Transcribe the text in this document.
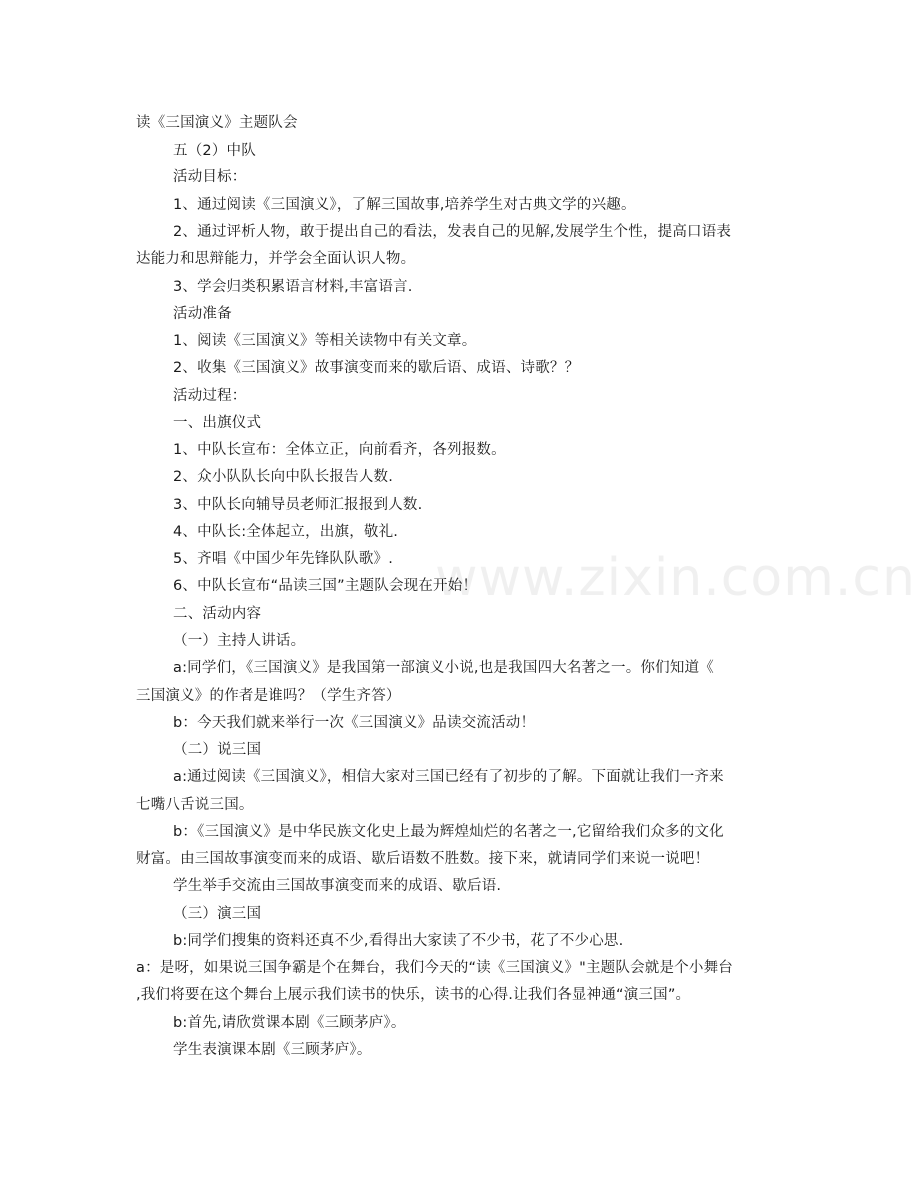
www.zixin.com.cn
读《三国演义》主题队会
五（2）中队
活动目标：
1、通过阅读《三国演义》，了解三国故事,培养学生对古典文学的兴趣。
2、通过评析人物，敢于提出自己的看法，发表自己的见解,发展学生个性，提高口语表
达能力和思辩能力，并学会全面认识人物。
3、学会归类积累语言材料,丰富语言.
活动准备
1、阅读《三国演义》等相关读物中有关文章。
2、收集《三国演义》故事演变而来的歇后语、成语、诗歌？？
活动过程：
一、出旗仪式
1、中队长宣布：全体立正，向前看齐，各列报数。
2、众小队队长向中队长报告人数.
3、中队长向辅导员老师汇报报到人数.
4、中队长:全体起立，出旗，敬礼.
5、齐唱《中国少年先锋队队歌》.
6、中队长宣布“品读三国”主题队会现在开始！
二、活动内容
（一）主持人讲话。
a:同学们，《三国演义》是我国第一部演义小说,也是我国四大名著之一。你们知道《
三国演义》的作者是谁吗？（学生齐答）
b：今天我们就来举行一次《三国演义》品读交流活动！
（二）说三国
a:通过阅读《三国演义》，相信大家对三国已经有了初步的了解。下面就让我们一齐来
七嘴八舌说三国。
b：《三国演义》是中华民族文化史上最为辉煌灿烂的名著之一,它留给我们众多的文化
财富。由三国故事演变而来的成语、歇后语数不胜数。接下来，就请同学们来说一说吧！
学生举手交流由三国故事演变而来的成语、歇后语.
（三）演三国
b:同学们搜集的资料还真不少,看得出大家读了不少书，花了不少心思.
a：是呀，如果说三国争霸是个在舞台，我们今天的“读《三国演义》"主题队会就是个小舞台
,我们将要在这个舞台上展示我们读书的快乐，读书的心得.让我们各显神通“演三国”。
b:首先,请欣赏课本剧《三顾茅庐》。
学生表演课本剧《三顾茅庐》。
